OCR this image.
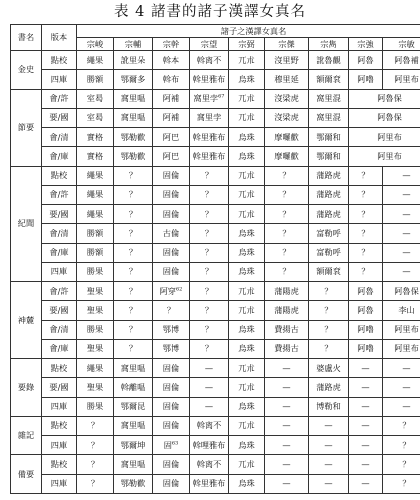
表 4 諸書的諸子漢譯女真名
書名	版本	諸子之漢譯女真名								
		宗峻	宗輔	宗幹	宗望	宗弼	宗傑	宗雋	宗強	宗敏
金史	點校	繩果	訛里朵	斡本	斡离不	兀朮	沒里野	訛魯觀	阿魯	阿魯補
	四庫	勝額	鄂爾多	斡布	斡里雅布	烏珠	穆里延	額爾袞	阿嚕	阿里布
節要	會/許	室曷	窩里嗢	阿補	窩里孛$^{67}$	兀朮	沒梁虎	窩里混	阿魯保	
	要/國	室曷	窩里嗢	阿補	窩里孛	兀朮	沒梁虎	窩里混	阿魯保	
	會/清	實格	鄂勒歡	阿巴	斡里雅布	烏珠	摩囉歡	鄂爾和	阿里布	
	會/庫	實格	鄂勒歡	阿巴	斡里雅布	烏珠	摩囉歡	鄂爾和	阿里布	
紀聞	點校	繩果	？	固倫	？	兀朮	？	蒲路虎	？	—
	會/許	繩果	？	固倫	？	兀朮	？	蒲路虎	？	—
	要/國	繩果	？	固倫	？	兀朮	？	蒲路虎	？	—
	會/清	勝額	？	古倫	？	烏珠	？	富勒呼	？	—
	會/庫	勝額	？	固倫	？	烏珠	？	富勒呼	？	—
	四庫	勝果	？	固倫	？	烏珠	？	額爾袞	？	—
神麓	會/許	聖果	？	阿穿$^{62}$	？	兀朮	蒲陽虎	？	阿魯	阿魯保
	要/國	聖果	？	？	？	兀朮	蒲陽虎	？	阿魯	李山
	會/清	勝果	？	鄂博	？	烏珠	費揚古	？	阿嚕	阿里布
	會/庫	聖果	？	鄂博	？	烏珠	費揚古	？	阿嚕	阿里布
要錄	點校	繩果	窩里嗢	固倫	—	兀朮	—	婆盧火	—	—
	要/國	聖果	斡離嗢	固倫	—	兀朮	—	蒲路虎	—	—
	四庫	勝果	鄂爾昆	固倫	—	烏珠	—	博勒和	—	—
雜記	點校	？	窩里嗢	固倫	斡离不	兀朮	—	—	—	？
	四庫	？	鄂爾坤	固$^{63}$	斡哩雅布	烏珠	—	—	—	？
備要	點校	？	窩里嗢	固倫	斡离不	兀朮	—	—	—	？
	四庫	？	鄂勒歡	固倫	斡里雅布	烏珠	—	—	—	？
